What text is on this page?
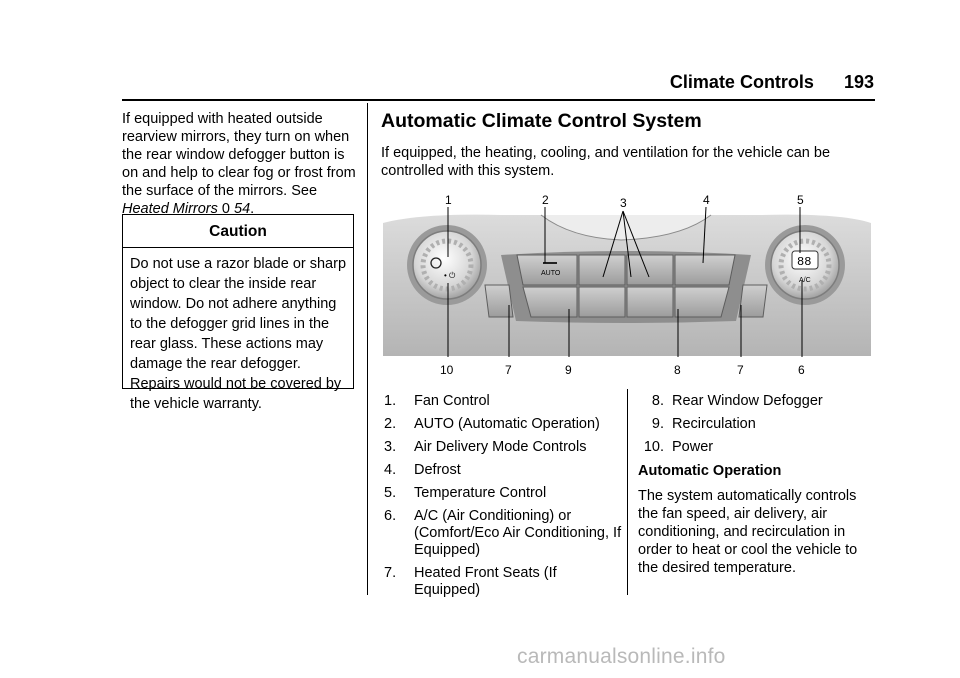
Climate Controls 193

If equipped with heated outside rearview mirrors, they turn on when the rear window defogger button is on and help to clear fog or frost from the surface of the mirrors. See Heated Mirrors 0 54.

Caution
Do not use a razor blade or sharp object to clear the inside rear window. Do not adhere anything to the defogger grid lines in the rear glass. These actions may damage the rear defogger. Repairs would not be covered by the vehicle warranty.
Automatic Climate Control System

If equipped, the heating, cooling, and ventilation for the vehicle can be controlled with this system.

1	2	3	4	5
• ⏻
88
A/C
AUTO
10	7	9	8	7	6
1.	Fan Control
2.	AUTO (Automatic Operation)
3.	Air Delivery Mode Controls
4.	Defrost
5.	Temperature Control
6.	A/C (Air Conditioning) or (Comfort/Eco Air Conditioning, If Equipped)
7.	Heated Front Seats (If Equipped)
8. Rear Window Defogger
9. Recirculation
10. Power
Automatic Operation

The system automatically controls the fan speed, air delivery, air conditioning, and recirculation in order to heat or cool the vehicle to the desired temperature.

carmanualsonline.info
